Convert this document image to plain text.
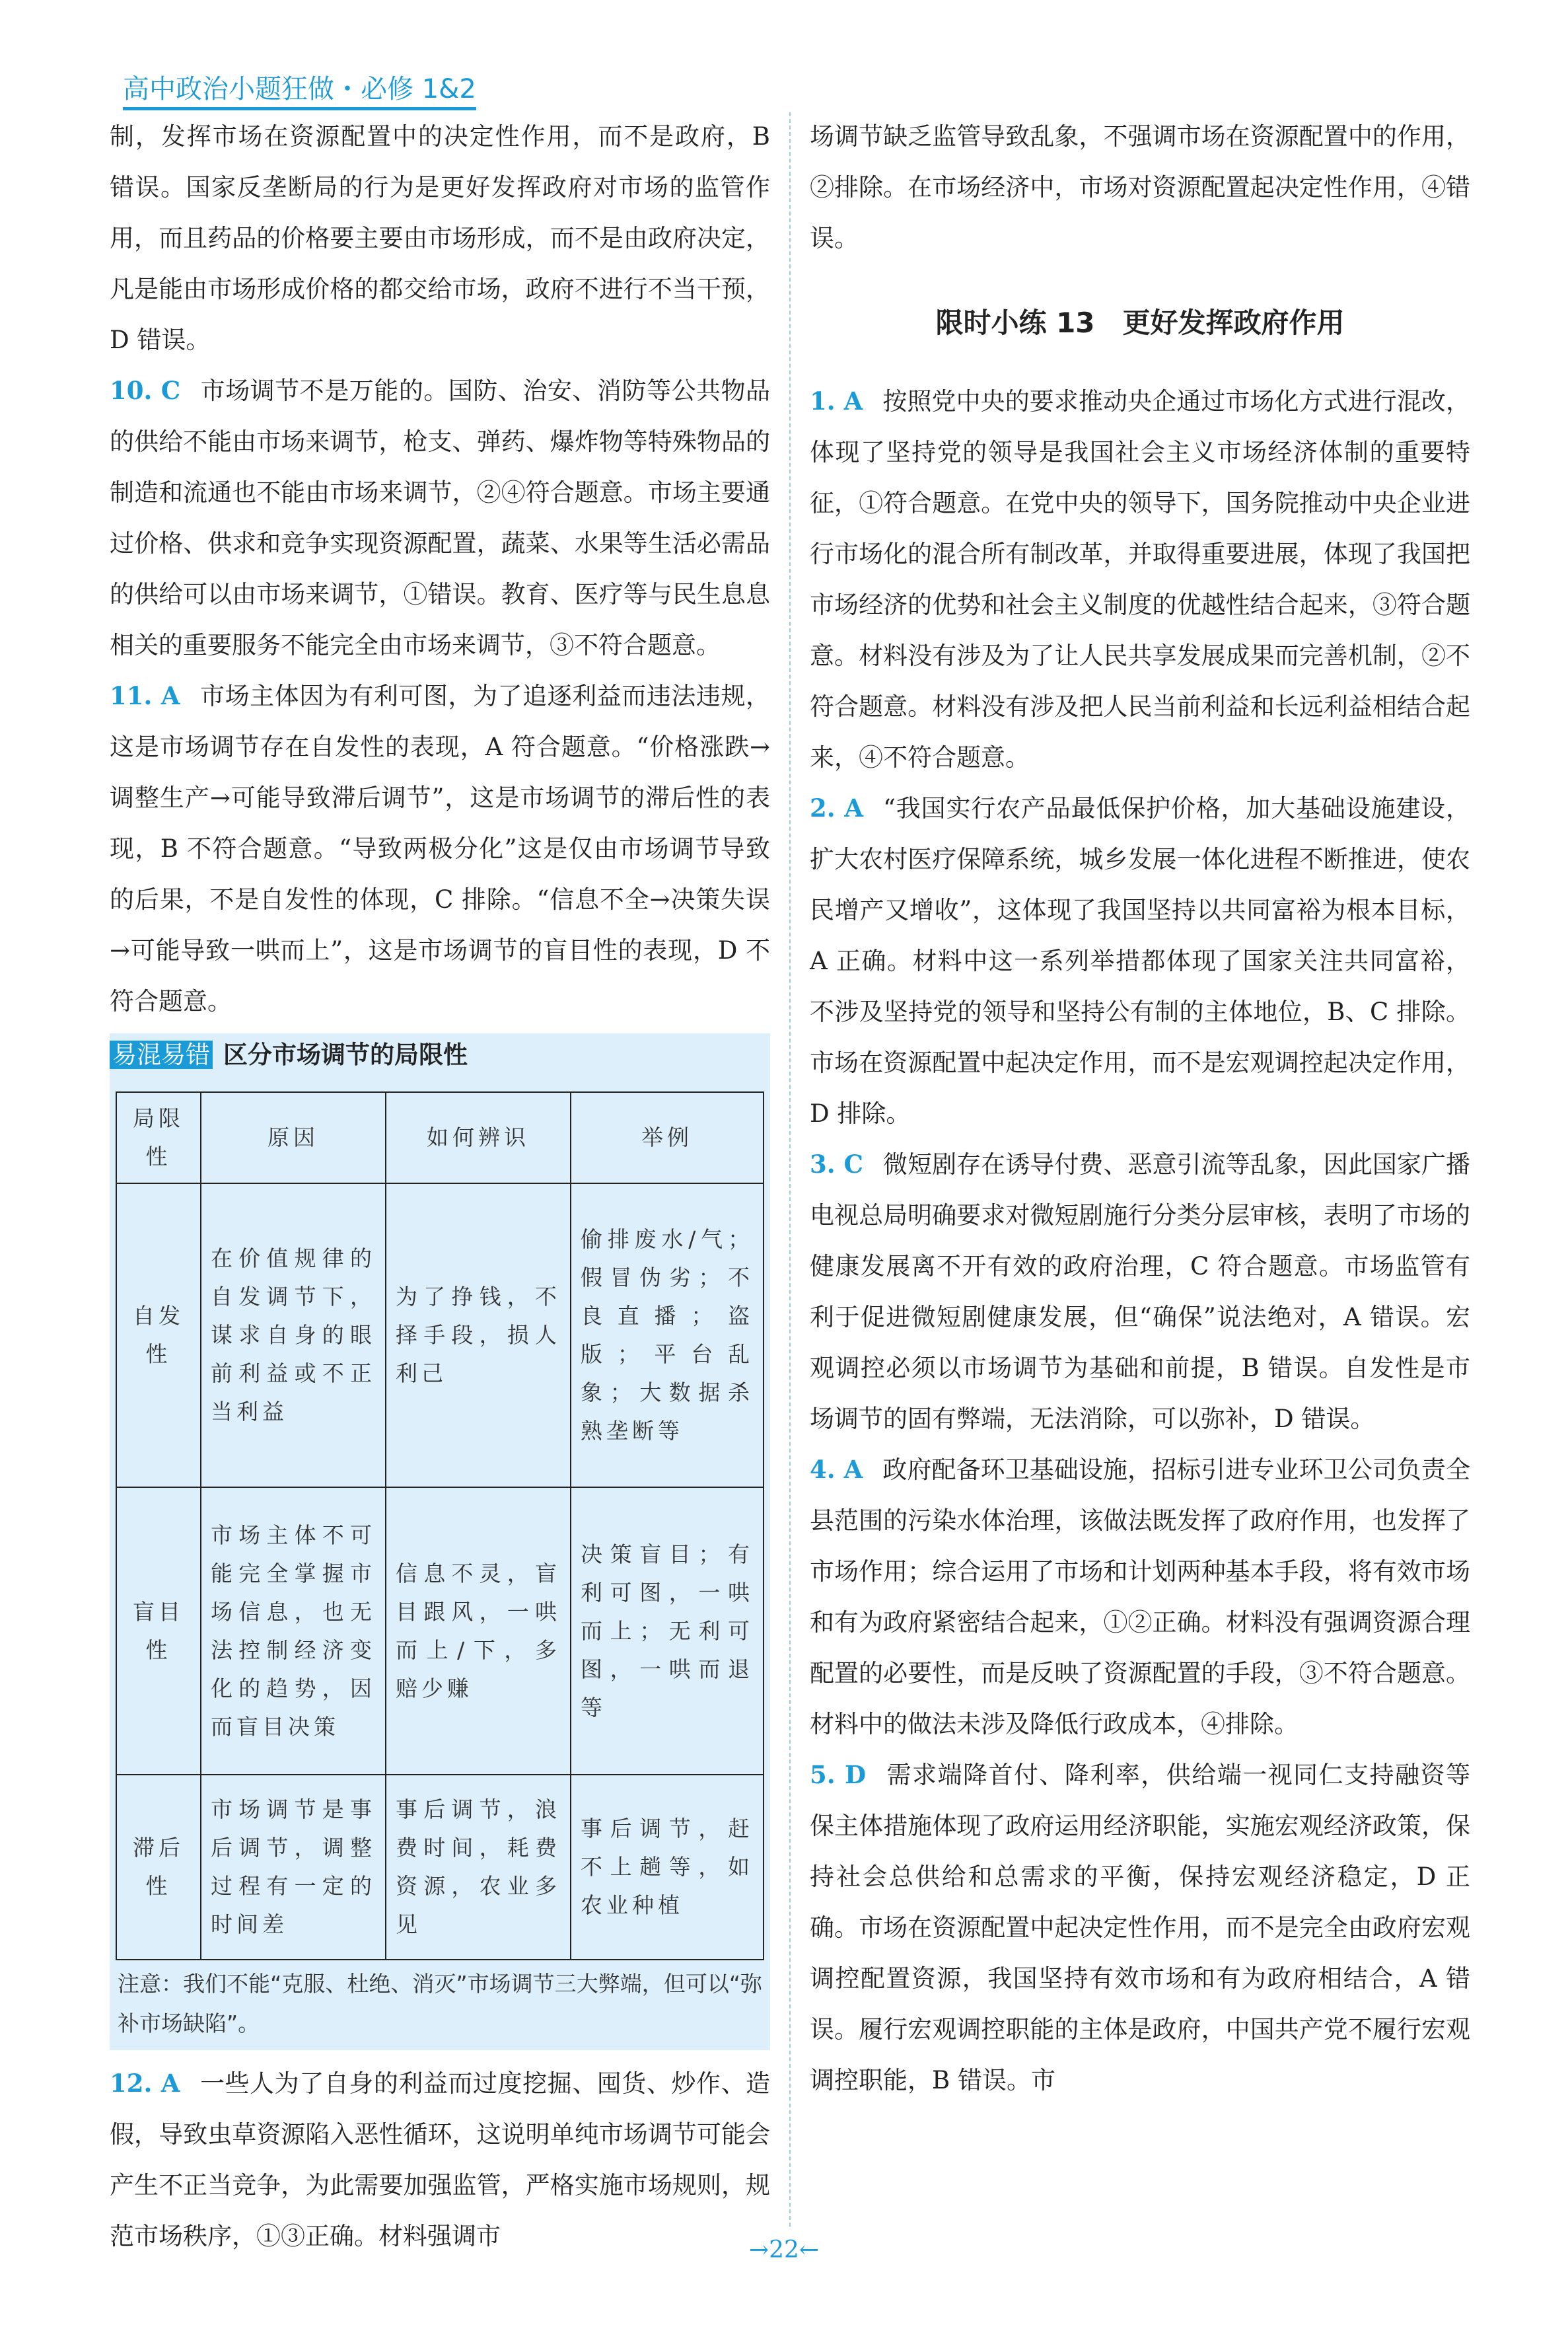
高中政治小题狂做・必修 1&2

制，发挥市场在资源配置中的决定性作用，而不是政府，B 错误。国家反垄断局的行为是更好发挥政府对市场的监管作用，而且药品的价格要主要由市场形成，而不是由政府决定，凡是能由市场形成价格的都交给市场，政府不进行不当干预，D 错误。

10. C 市场调节不是万能的。国防、治安、消防等公共物品的供给不能由市场来调节，枪支、弹药、爆炸物等特殊物品的制造和流通也不能由市场来调节，②④符合题意。市场主要通过价格、供求和竞争实现资源配置，蔬菜、水果等生活必需品的供给可以由市场来调节，①错误。教育、医疗等与民生息息相关的重要服务不能完全由市场来调节，③不符合题意。

11. A 市场主体因为有利可图，为了追逐利益而违法违规，这是市场调节存在自发性的表现，A 符合题意。“价格涨跌→调整生产→可能导致滞后调节”，这是市场调节的滞后性的表现，B 不符合题意。“导致两极分化”这是仅由市场调节导致的后果，不是自发性的体现，C 排除。“信息不全→决策失误→可能导致一哄而上”，这是市场调节的盲目性的表现，D 不符合题意。

易混易错 区分市场调节的局限性
局限性	原因	如何辨识	举例
自发性	在价值规律的自发调节下，谋求自身的眼前利益或不正当利益	为了挣钱，不择手段，损人利己	偷排废水/气；假冒伪劣；不良直播；盗版；平台乱象；大数据杀熟垄断等
盲目性	市场主体不可能完全掌握市场信息，也无法控制经济变化的趋势，因而盲目决策	信息不灵，盲目跟风，一哄而上/下，多赔少赚	决策盲目；有利可图，一哄而上；无利可图，一哄而退等
滞后性	市场调节是事后调节，调整过程有一定的时间差	事后调节，浪费时间，耗费资源，农业多见	事后调节，赶不上趟等，如农业种植
注意：我们不能“克服、杜绝、消灭”市场调节三大弊端，但可以“弥补市场缺陷”。

12. A 一些人为了自身的利益而过度挖掘、囤货、炒作、造假，导致虫草资源陷入恶性循环，这说明单纯市场调节可能会产生不正当竞争，为此需要加强监管，严格实施市场规则，规范市场秩序，①③正确。材料强调市

场调节缺乏监管导致乱象，不强调市场在资源配置中的作用，②排除。在市场经济中，市场对资源配置起决定性作用，④错误。

限时小练 13　更好发挥政府作用

1. A 按照党中央的要求推动央企通过市场化方式进行混改，体现了坚持党的领导是我国社会主义市场经济体制的重要特征，①符合题意。在党中央的领导下，国务院推动中央企业进行市场化的混合所有制改革，并取得重要进展，体现了我国把市场经济的优势和社会主义制度的优越性结合起来，③符合题意。材料没有涉及为了让人民共享发展成果而完善机制，②不符合题意。材料没有涉及把人民当前利益和长远利益相结合起来，④不符合题意。

2. A “我国实行农产品最低保护价格，加大基础设施建设，扩大农村医疗保障系统，城乡发展一体化进程不断推进，使农民增产又增收”，这体现了我国坚持以共同富裕为根本目标，A 正确。材料中这一系列举措都体现了国家关注共同富裕，不涉及坚持党的领导和坚持公有制的主体地位，B、C 排除。市场在资源配置中起决定作用，而不是宏观调控起决定作用，D 排除。

3. C 微短剧存在诱导付费、恶意引流等乱象，因此国家广播电视总局明确要求对微短剧施行分类分层审核，表明了市场的健康发展离不开有效的政府治理，C 符合题意。市场监管有利于促进微短剧健康发展，但“确保”说法绝对，A 错误。宏观调控必须以市场调节为基础和前提，B 错误。自发性是市场调节的固有弊端，无法消除，可以弥补，D 错误。

4. A 政府配备环卫基础设施，招标引进专业环卫公司负责全县范围的污染水体治理，该做法既发挥了政府作用，也发挥了市场作用；综合运用了市场和计划两种基本手段，将有效市场和有为政府紧密结合起来，①②正确。材料没有强调资源合理配置的必要性，而是反映了资源配置的手段，③不符合题意。材料中的做法未涉及降低行政成本，④排除。

5. D 需求端降首付、降利率，供给端一视同仁支持融资等保主体措施体现了政府运用经济职能，实施宏观经济政策，保持社会总供给和总需求的平衡，保持宏观经济稳定，D 正确。市场在资源配置中起决定性作用，而不是完全由政府宏观调控配置资源，我国坚持有效市场和有为政府相结合，A 错误。履行宏观调控职能的主体是政府，中国共产党不履行宏观调控职能，B 错误。市

→22←
